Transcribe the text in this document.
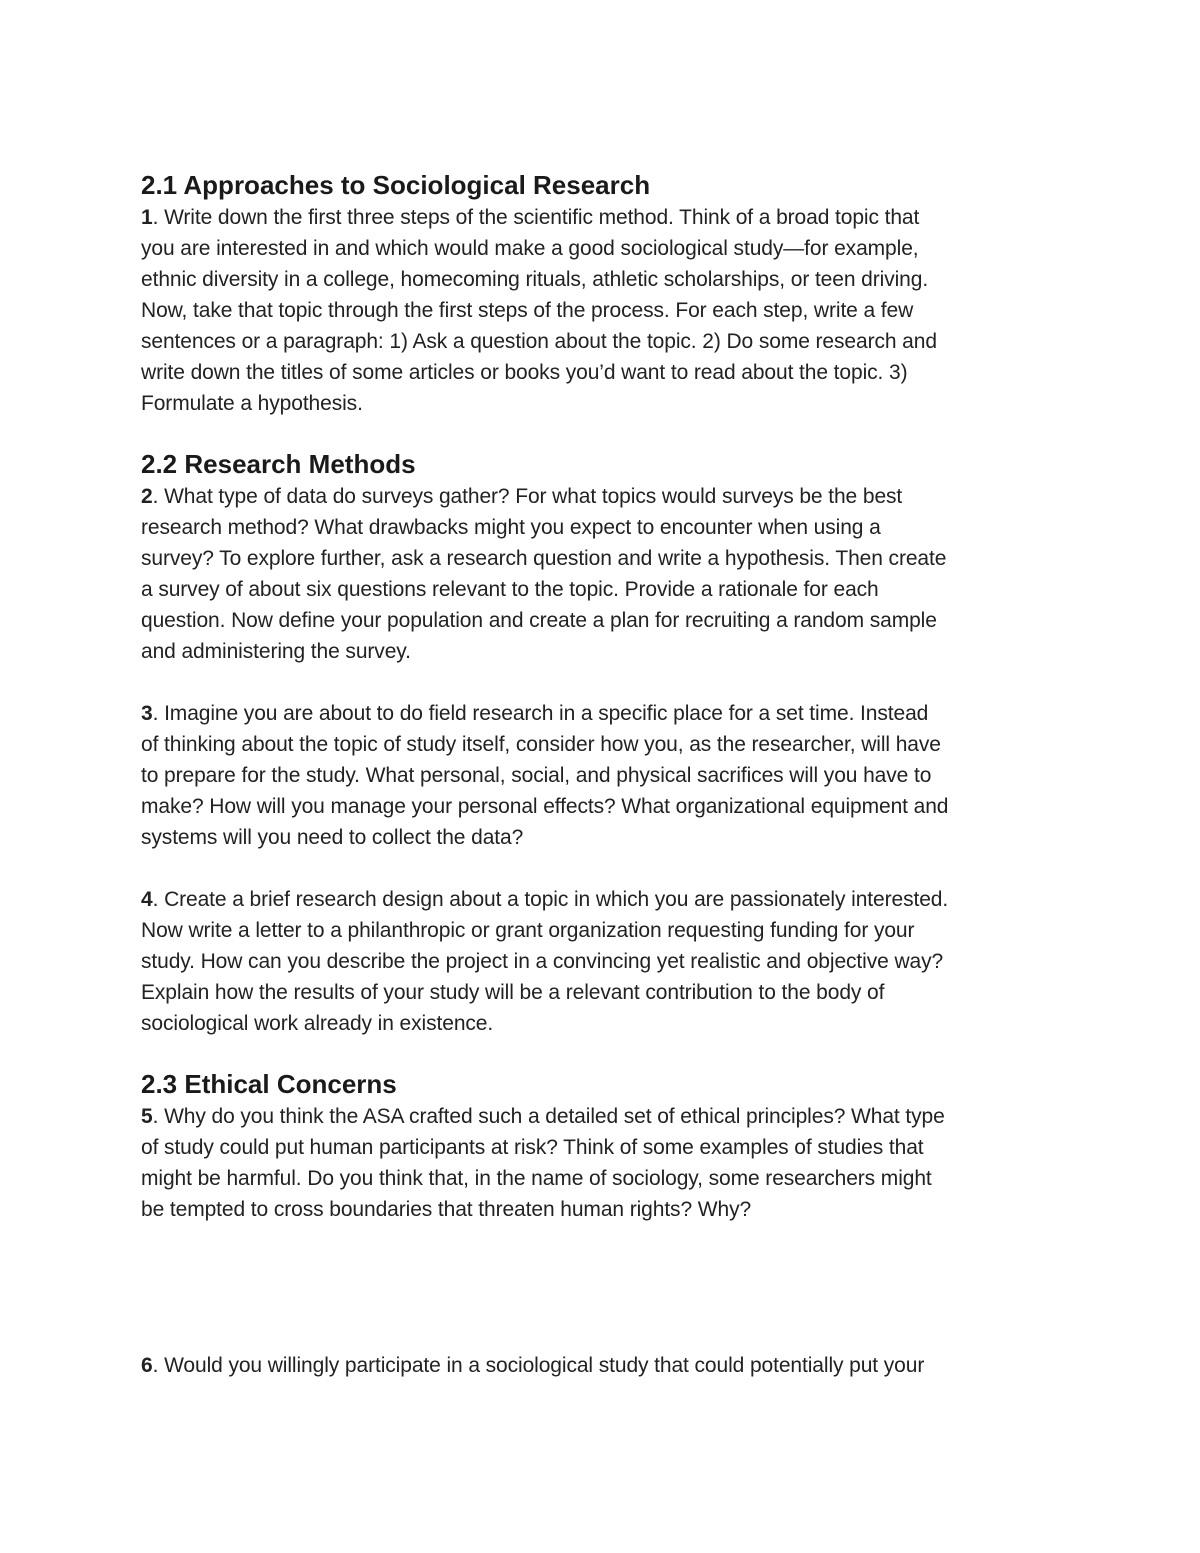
2.1 Approaches to Sociological Research

1. Write down the first three steps of the scientific method. Think of a broad topic that
you are interested in and which would make a good sociological study—for example,
ethnic diversity in a college, homecoming rituals, athletic scholarships, or teen driving.
Now, take that topic through the first steps of the process. For each step, write a few
sentences or a paragraph: 1) Ask a question about the topic. 2) Do some research and
write down the titles of some articles or books you’d want to read about the topic. 3)
Formulate a hypothesis.

2.2 Research Methods

2. What type of data do surveys gather? For what topics would surveys be the best
research method? What drawbacks might you expect to encounter when using a
survey? To explore further, ask a research question and write a hypothesis. Then create
a survey of about six questions relevant to the topic. Provide a rationale for each
question. Now define your population and create a plan for recruiting a random sample
and administering the survey.

3. Imagine you are about to do field research in a specific place for a set time. Instead
of thinking about the topic of study itself, consider how you, as the researcher, will have
to prepare for the study. What personal, social, and physical sacrifices will you have to
make? How will you manage your personal effects? What organizational equipment and
systems will you need to collect the data?

4. Create a brief research design about a topic in which you are passionately interested.
Now write a letter to a philanthropic or grant organization requesting funding for your
study. How can you describe the project in a convincing yet realistic and objective way?
Explain how the results of your study will be a relevant contribution to the body of
sociological work already in existence.

2.3 Ethical Concerns

5. Why do you think the ASA crafted such a detailed set of ethical principles? What type
of study could put human participants at risk? Think of some examples of studies that
might be harmful. Do you think that, in the name of sociology, some researchers might
be tempted to cross boundaries that threaten human rights? Why?

6. Would you willingly participate in a sociological study that could potentially put your
